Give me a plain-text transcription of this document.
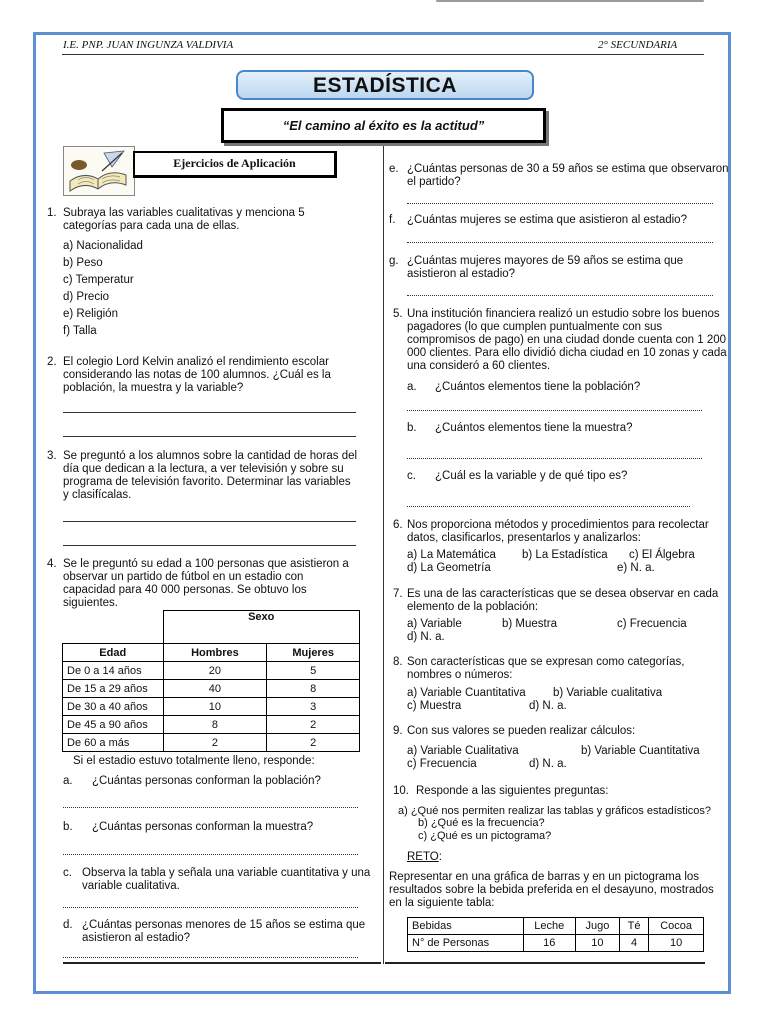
I.E. PNP. JUAN INGUNZA VALDIVIA	2° SECUNDARIA
ESTADÍSTICA
“El camino al éxito es la actitud”
Ejercicios de Aplicación
1. Subraya las variables cualitativas y menciona 5 categorías para cada una de ellas.
a) Nacionalidad
b) Peso
c) Temperatur
d) Precio
e) Religión
f) Talla
2. El colegio Lord Kelvin analizó el rendimiento escolar considerando las notas de 100 alumnos. ¿Cuál es la población, la muestra y la variable?
3. Se preguntó a los alumnos sobre la cantidad de horas del día que dedican a la lectura, a ver televisión y sobre su programa de televisión favorito. Determinar las variables y clasifícalas.
4. Se le preguntó su edad a 100 personas que asistieron a observar un partido de fútbol en un estadio con capacidad para 40 000 personas. Se obtuvo los siguientes.
	Sexo	
Edad	Hombres	Mujeres
De 0 a 14 años	20	5
De 15 a 29 años	40	8
De 30 a 40 años	10	3
De 45 a 90 años	8	2
De 60 a más	2	2
Si el estadio estuvo totalmente lleno, responde:
a. ¿Cuántas personas conforman la población?
b. ¿Cuántas personas conforman la muestra?
c. Observa la tabla y señala una variable cuantitativa y una variable cualitativa.
d. ¿Cuántas personas menores de 15 años se estima que asistieron al estadio?
e. ¿Cuántas personas de 30 a 59 años se estima que observaron el partido?
f. ¿Cuántas mujeres se estima que asistieron al estadio?
g. ¿Cuántas mujeres mayores de 59 años se estima que asistieron al estadio?
5. Una institución financiera realizó un estudio sobre los buenos pagadores (lo que cumplen puntualmente con sus compromisos de pago) en una ciudad donde cuenta con 1 200 000 clientes. Para ello dividió dicha ciudad en 10 zonas y cada una consideró a 60 clientes.
a. ¿Cuántos elementos tiene la población?
b. ¿Cuántos elementos tiene la muestra?
c. ¿Cuál es la variable y de qué tipo es?
6. Nos proporciona métodos y procedimientos para recolectar datos, clasificarlos, presentarlos y analizarlos:
a) La Matemática b) La Estadística c) El Álgebra
d) La Geometría	e) N. a.
7. Es una de las características que se desea observar en cada elemento de la población:
a) Variable	b) Muestra	c) Frecuencia
d) N. a.
8. Son características que se expresan como categorías, nombres o números:
a) Variable Cuantitativa b) Variable cualitativa
c) Muestra	d) N. a.
9. Con sus valores se pueden realizar cálculos:
a) Variable Cualitativa	b) Variable Cuantitativa
c) Frecuencia	d) N. a.
10. Responde a las siguientes preguntas:
a) ¿Qué nos permiten realizar las tablas y gráficos estadísticos?
b) ¿Qué es la frecuencia?
c) ¿Qué es un pictograma?
RETO:
Representar en una gráfica de barras y en un pictograma los resultados sobre la bebida preferida en el desayuno, mostrados en la siguiente tabla:
Bebidas	Leche	Jugo	Té	Cocoa
N° de Personas	16	10	4	10
